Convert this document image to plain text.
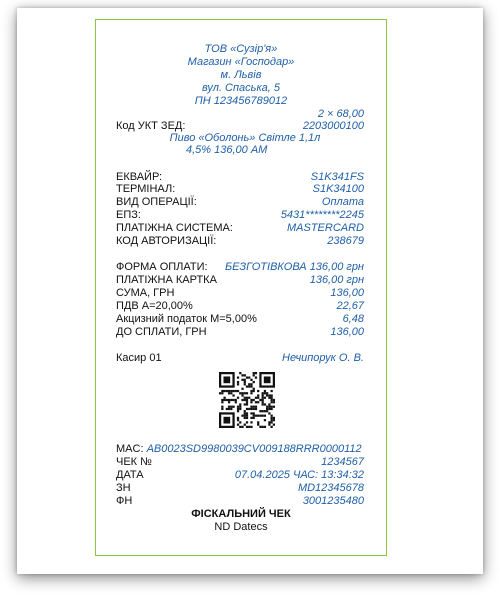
ТОВ «Сузір'я»
Магазин «Господар»
м. Львів
вул. Спаська, 5
ПН 123456789012
2 × 68,00
Код УКТ ЗЕД:	2203000100
Пиво «Оболонь» Світле 1,1л
4,5% 136,00 АМ
ЕКВАЙР:	S1K341FS
ТЕРМІНАЛ:	S1K34100
ВИД ОПЕРАЦІЇ:	Оплата
ЕПЗ:	5431********2245
ПЛАТІЖНА СИСТЕМА:	MASTERCARD
КОД АВТОРИЗАЦІЇ:	238679
ФОРМА ОПЛАТИ: БЕЗГОТІВКОВА 136,00 грн
ПЛАТІЖНА КАРТКА	136,00 грн
СУМА, ГРН	136,00
ПДВ А=20,00%	22,67
Акцизний податок М=5,00%	6,48
ДО СПЛАТИ, ГРН	136,00
Касир 01	Нечипорук О. В.
MAC: AB0023SD9980039CV009188RRR0000112
ЧЕК №	1234567
ДАТА	07.04.2025 ЧАС: 13:34:32
ЗН	MD12345678
ФН	3001235480
ФІСКАЛЬНИЙ ЧЕК
ND Datecs
